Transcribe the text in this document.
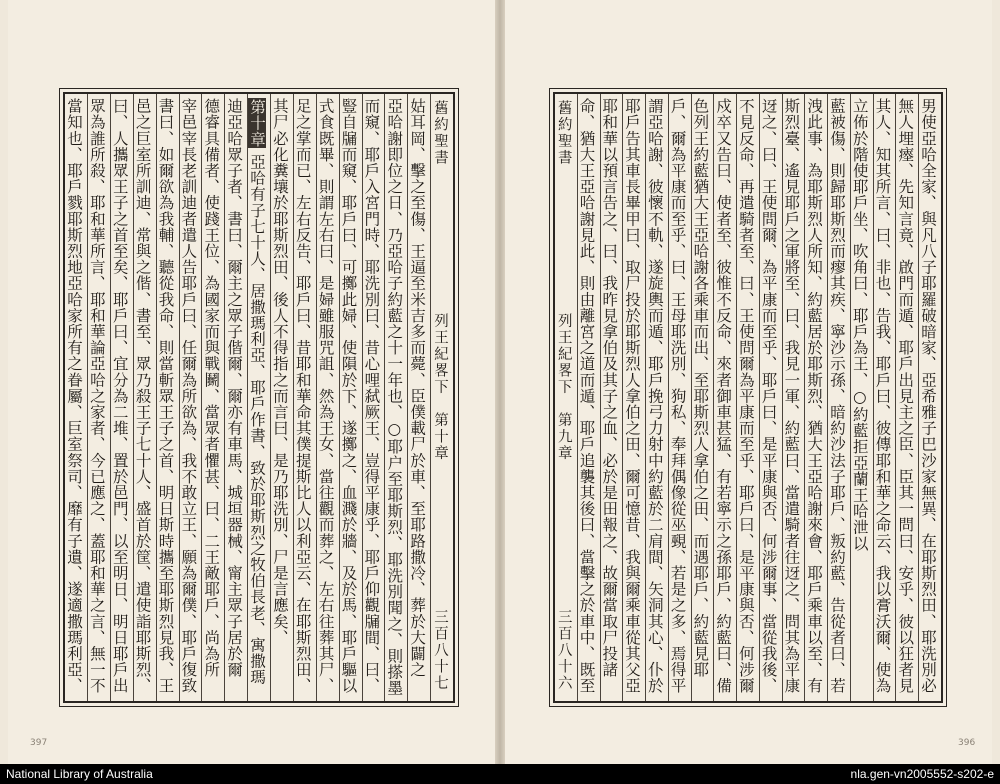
舊約聖書
列王紀畧下　第十章
三百八十七
姑耳岡、擊之至傷、王逼至米吉多而薨、臣僕載尸於車、至耶路撒冷、葬於大闢之
亞哈謝即位之日、乃亞哈子約藍之十一年也、○耶户至耶斯烈、耶洗別聞之、則搽墨
而窺、耶戶入宮門時、耶洗別曰、昔心哩弑厥王、豈得平康乎、耶戶仰觀牖間、曰、
豎自牖而窺、耶戶曰、可擲此婦、使隕於下、遂擲之、血濺於牆、及於馬、耶戶驅以
式食既畢、則謂左右曰、是婦雖服咒詛、然為王女、當往觀而葬之、左右往葬其尸、
足之掌而已、左右反告、耶戶曰、昔耶和華命其僕提斯比人以利亞云、在耶斯烈田、
其尸必化糞壤於耶斯烈田、後人不得指之而言曰、是乃耶洗別、尸是言應矣、
第十章 亞哈有子七十人、居撒瑪利亞、耶戶作書、致於耶斯烈之牧伯長老、寓撒瑪
迪亞哈眾子者、書曰、爾主之眾子偕爾、爾亦有車馬、城垣器械、甯主眾子居於爾
德睿具備者、使踐王位、為國家而與戰鬭、當眾者懼甚、曰、二王敵耶戶、尚為所
宰邑宰長老訓迪者遣人告耶戶曰、任爾為所欲為、我不敢立王、願為爾僕、耶戶復致
書曰、如爾欲為我輔、聽從我命、則當斬眾王子之首、明日斯時攜至耶斯烈見我、王
邑之巨室所訓迪、常與之偕、書至、眾乃殺王子七十人、盛首於筐、遣使詣耶斯烈、
曰、人攜眾王子之首至矣、耶戶曰、宜分為二堆、置於邑門、以至明日、明日耶戶出
眾為誰所殺、耶和華所言、耶和華論亞哈之家者、今已應之、蓋耶和華之言、無一不
當知也、耶戶戮耶斯烈地亞哈家所有之眷屬、巨室祭司、靡有子遺、遂適撒瑪利亞、
397
男使亞哈全家、與凡八子耶羅破暗家、亞希雅子巴沙家無異、在耶斯烈田、耶洗別必
無人埋瘞、先知言竟、啟門而遁、耶戶出見主之臣、臣其一問曰、安乎、彼以狂者見
其人、知其所言、曰、非也、告我、耶戶曰、彼傳耶和華之命云、我以膏沃爾、使為
立佈於階使耶戶坐、吹角曰、耶戶為王、○約藍拒亞蘭王哈泄以
藍被傷、則歸耶斯烈而瘳其疾、寧沙示孫、暗約沙法子耶戶、叛約藍、告從者曰、若
洩此事、為耶斯烈人所知、約藍居於耶斯烈、猶大王亞哈謝來會、耶戶乘車以至、有
斯烈臺、遙見耶戶之軍將至、曰、我見一軍、約藍曰、當遣騎者往迓之、問其為平康
迓之、曰、王使問爾、為平康而至乎、耶戶曰、是平康與否、何涉爾事、當從我後、
不見反命、再遣騎者至、曰、王使問爾為平康而至乎、耶戶曰、是平康與否、何涉爾
戍卒又告曰、使者至、彼惟不反命、來者御車甚猛、有若寧示之孫耶戶、約藍曰、備
色列王約藍猶大王亞哈謝各乘車而出、至耶斯烈人拿伯之田、而遇耶戶、約藍見耶
戶、爾為平康而至乎、曰、王母耶洗別、狗私、奉拜偶像從巫覡、若是之多、焉得平
謂亞哈謝、彼懷不軌、遂旋輿而遁、耶戶挽弓力射中約藍於二肩間、矢洞其心、仆於
耶戶告其車長畢甲曰、取尸投於耶斯烈人拿伯之田、爾可憶昔、我與爾乘車從其父亞
耶和華以預言告之、曰、我昨見拿伯及其子之血、必於是田報之、故爾當取尸投諸
命、猶大王亞哈謝見此、則由離宮之道而遁、耶戶追襲其後曰、當擊之於車中、既至
舊約聖書
列王紀畧下　第九章
三百八十六
396
National Library of Australia	nla.gen-vn2005552-s202-e
